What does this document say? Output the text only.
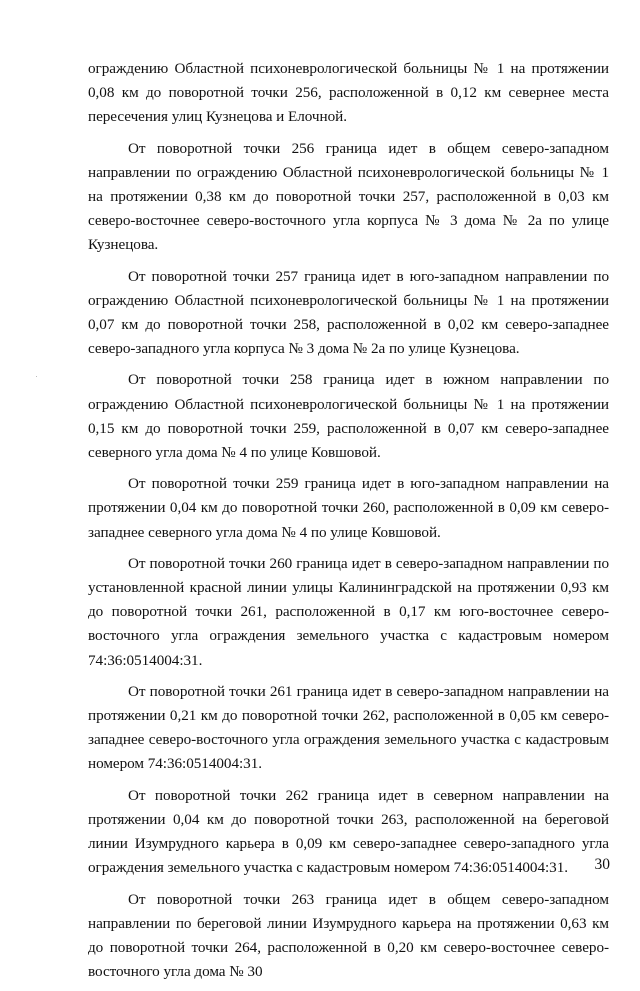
ограждению Областной психоневрологической больницы № 1 на протяжении 0,08 км до поворотной точки 256, расположенной в 0,12 км севернее места пересечения улиц Кузнецова и Елочной.

От поворотной точки 256 граница идет в общем северо-западном направлении по ограждению Областной психоневрологической больницы № 1 на протяжении 0,38 км до поворотной точки 257, расположенной в 0,03 км северо-восточнее северо-восточного угла корпуса № 3 дома № 2а по улице Кузнецова.

От поворотной точки 257 граница идет в юго-западном направлении по ограждению Областной психоневрологической больницы № 1 на протяжении 0,07 км до поворотной точки 258, расположенной в 0,02 км северо-западнее северо-западного угла корпуса № 3 дома № 2а по улице Кузнецова.

От поворотной точки 258 граница идет в южном направлении по ограждению Областной психоневрологической больницы № 1 на протяжении 0,15 км до поворотной точки 259, расположенной в 0,07 км северо-западнее северного угла дома № 4 по улице Ковшовой.

От поворотной точки 259 граница идет в юго-западном направлении на протяжении 0,04 км до поворотной точки 260, расположенной в 0,09 км северо-западнее северного угла дома № 4 по улице Ковшовой.

От поворотной точки 260 граница идет в северо-западном направлении по установленной красной линии улицы Калининградской на протяжении 0,93 км до поворотной точки 261, расположенной в 0,17 км юго-восточнее северо-восточного угла ограждения земельного участка с кадастровым номером 74:36:0514004:31.

От поворотной точки 261 граница идет в северо-западном направлении на протяжении 0,21 км до поворотной точки 262, расположенной в 0,05 км северо-западнее северо-восточного угла ограждения земельного участка с кадастровым номером 74:36:0514004:31.

От поворотной точки 262 граница идет в северном направлении на протяжении 0,04 км до поворотной точки 263, расположенной на береговой линии Изумрудного карьера в 0,09 км северо-западнее северо-западного угла ограждения земельного участка с кадастровым номером 74:36:0514004:31.

От поворотной точки 263 граница идет в общем северо-западном направлении по береговой линии Изумрудного карьера на протяжении 0,63 км до поворотной точки 264, расположенной в 0,20 км северо-восточнее северо-восточного угла дома № 30

30
